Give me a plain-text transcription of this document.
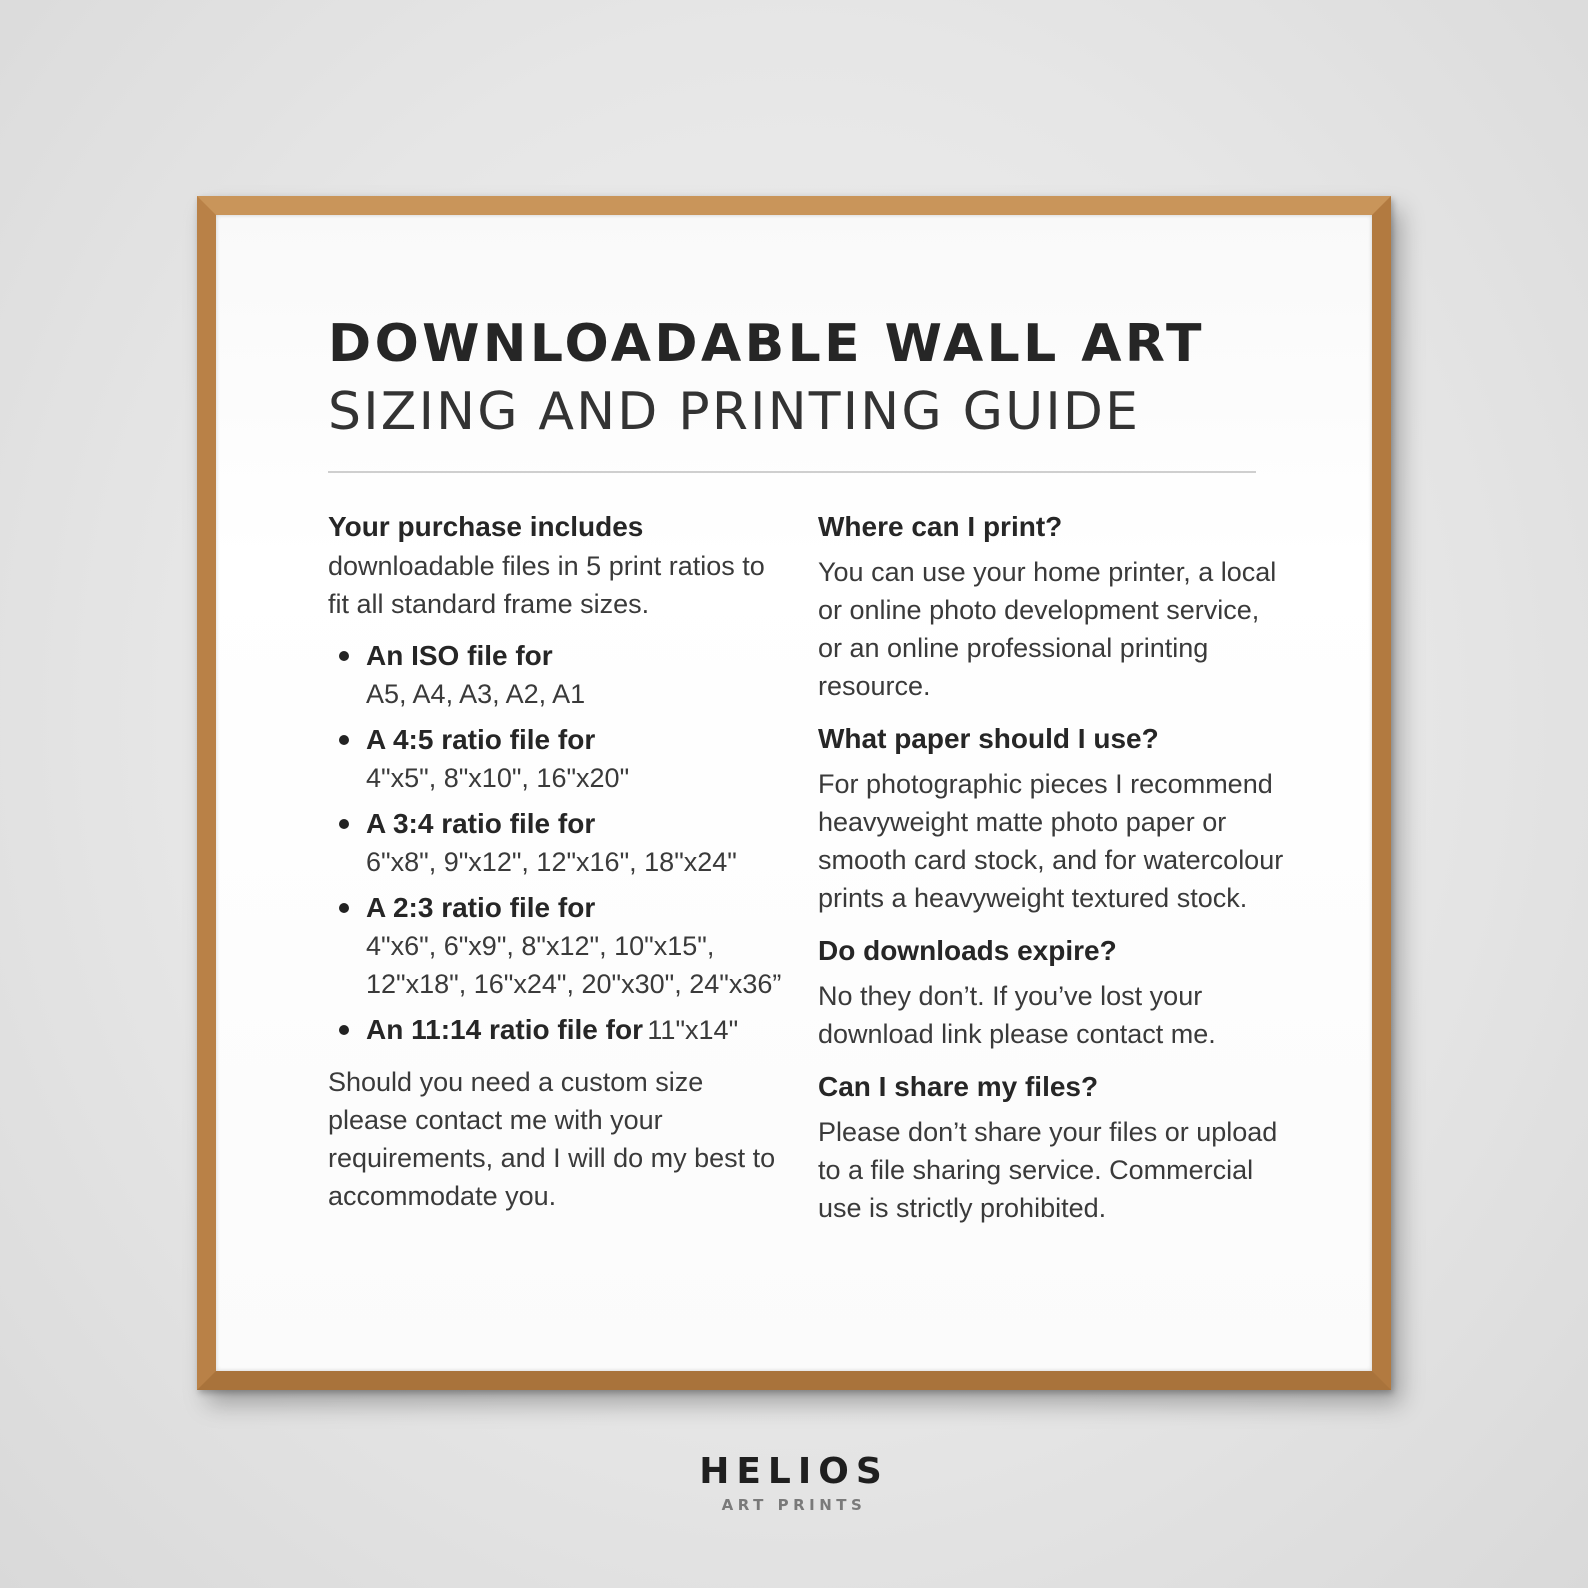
DOWNLOADABLE WALL ART
SIZING AND PRINTING GUIDE

Your purchase includes

downloadable files in 5 print ratios to fit all standard frame sizes.

An ISO file for
A5, A4, A3, A2, A1
A 4:5 ratio file for
4"x5", 8"x10", 16"x20"
A 3:4 ratio file for
6"x8", 9"x12", 12"x16", 18"x24"
A 2:3 ratio file for
4"x6", 6"x9", 8"x12", 10"x15", 12"x18", 16"x24", 20"x30", 24"x36”
An 11:14 ratio file for 11"x14"

Should you need a custom size please contact me with your requirements, and I will do my best to accommodate you.

Where can I print?

You can use your home printer, a local or online photo development service, or an online professional printing resource.

What paper should I use?

For photographic pieces I recommend heavyweight matte photo paper or smooth card stock, and for watercolour prints a heavyweight textured stock.

Do downloads expire?

No they don’t. If you’ve lost your download link please contact me.

Can I share my files?

Please don’t share your files or upload to a file sharing service. Commercial use is strictly prohibited.

HELIOS
ART PRINTS
